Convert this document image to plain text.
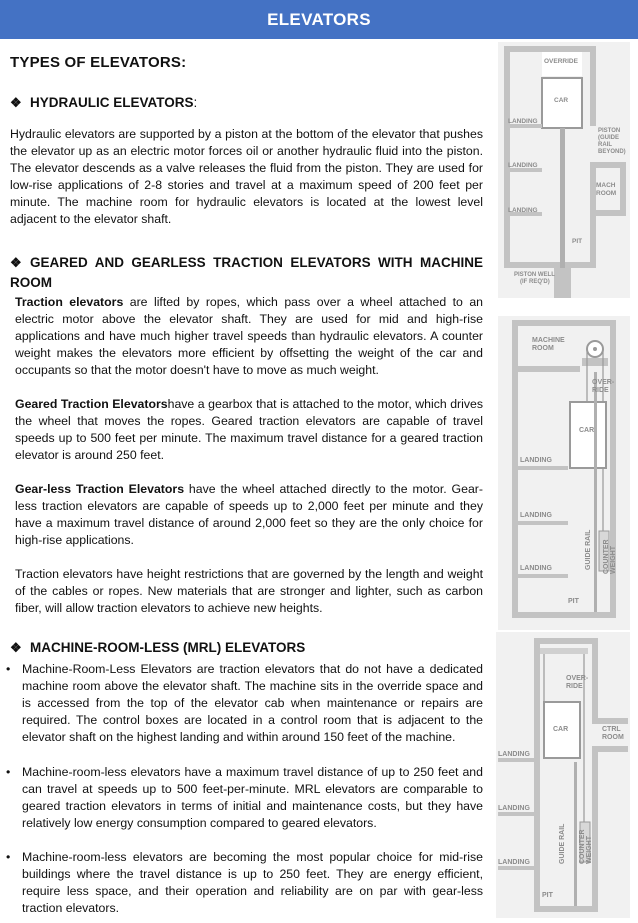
ELEVATORS
TYPES OF ELEVATORS:
❖ HYDRAULIC ELEVATORS:
Hydraulic elevators are supported by a piston at the bottom of the elevator that pushes the elevator up as an electric motor forces oil or another hydraulic fluid into the piston. The elevator descends as a valve releases the fluid from the piston. They are used for low-rise applications of 2-8 stories and travel at a maximum speed of 200 feet per minute. The machine room for hydraulic elevators is located at the lowest level adjacent to the elevator shaft.
❖ GEARED AND GEARLESS TRACTION ELEVATORS WITH MACHINE ROOM
Traction elevators are lifted by ropes, which pass over a wheel attached to an electric motor above the elevator shaft. They are used for mid and high-rise applications and have much higher travel speeds than hydraulic elevators. A counter weight makes the elevators more efficient by offsetting the weight of the car and occupants so that the motor doesn't have to move as much weight.
Geared Traction Elevatorshave a gearbox that is attached to the motor, which drives the wheel that moves the ropes. Geared traction elevators are capable of travel speeds up to 500 feet per minute. The maximum travel distance for a geared traction elevator is around 250 feet.
Gear-less Traction Elevators have the wheel attached directly to the motor. Gear-less traction elevators are capable of speeds up to 2,000 feet per minute and they have a maximum travel distance of around 2,000 feet so they are the only choice for high-rise applications.
Traction elevators have height restrictions that are governed by the length and weight of the cables or ropes. New materials that are stronger and lighter, such as carbon fiber, will allow traction elevators to achieve new heights.
❖ MACHINE-ROOM-LESS (MRL) ELEVATORS
• Machine-Room-Less Elevators are traction elevators that do not have a dedicated machine room above the elevator shaft. The machine sits in the override space and is accessed from the top of the elevator cab when maintenance or repairs are required. The control boxes are located in a control room that is adjacent to the elevator shaft on the highest landing and within around 150 feet of the machine.
• Machine-room-less elevators have a maximum travel distance of up to 250 feet and can travel at speeds up to 500 feet-per-minute. MRL elevators are comparable to geared traction elevators in terms of initial and maintenance costs, but they have relatively low energy consumption compared to geared elevators.
• Machine-room-less elevators are becoming the most popular choice for mid-rise buildings where the travel distance is up to 250 feet. They are energy efficient, require less space, and their operation and reliability are on par with gear-less traction elevators.
OVERRIDE
CAR
LANDING
LANDING
LANDING
PISTON
(GUIDE
RAIL
BEYOND)
MACH
ROOM
PIT
PISTON WELL
(IF REQ'D)
MACHINE
ROOM
OVER-
RIDE
CAR
LANDING
LANDING
LANDING	GUIDE RAIL COUNTER WEIGHT
PIT
OVER-
RIDE
CAR	CTRL
ROOM
LANDING
LANDING
LANDING	GUIDE RAIL COUNTER WEIGHT
PIT
